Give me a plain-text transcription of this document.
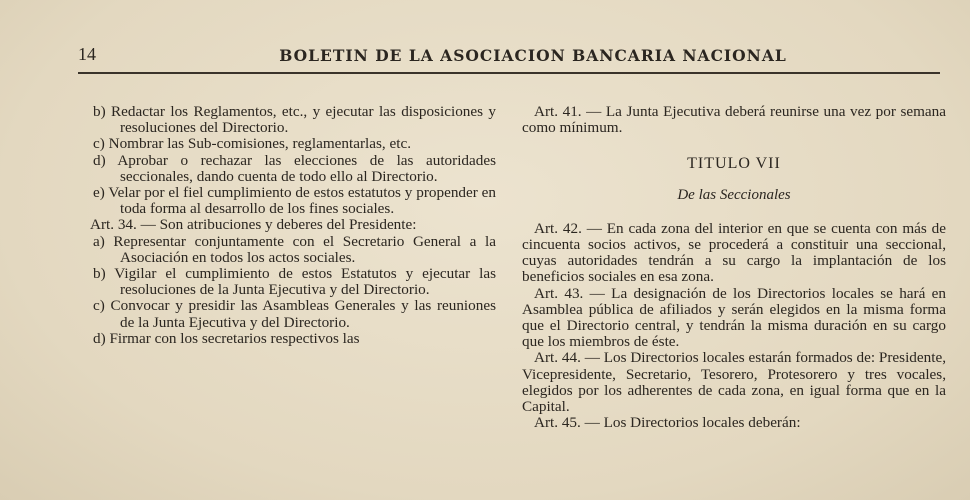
14	BOLETIN DE LA ASOCIACION BANCARIA NACIONAL

b) Redactar los Reglamentos, etc., y ejecutar las disposiciones y resoluciones del Directorio.

c) Nombrar las Sub-comisiones, reglamentarlas, etc.

d) Aprobar o rechazar las elecciones de las autoridades seccionales, dando cuenta de todo ello al Directorio.

e) Velar por el fiel cumplimiento de estos estatutos y propender en toda forma al desarrollo de los fines sociales.

Art. 34. — Son atribuciones y deberes del Presidente:

a) Representar conjuntamente con el Secretario General a la Asociación en todos los actos sociales.

b) Vigilar el cumplimiento de estos Estatutos y ejecutar las resoluciones de la Junta Ejecutiva y del Directorio.

c) Convocar y presidir las Asambleas Generales y las reuniones de la Junta Ejecutiva y del Directorio.

d) Firmar con los secretarios respectivos las

Art. 41. — La Junta Ejecutiva deberá reunirse una vez por semana como mínimum.

TITULO VII

De las Seccionales

Art. 42. — En cada zona del interior en que se cuenta con más de cincuenta socios activos, se procederá a constituir una seccional, cuyas autoridades tendrán a su cargo la implantación de los beneficios sociales en esa zona.

Art. 43. — La designación de los Directorios locales se hará en Asamblea pública de afiliados y serán elegidos en la misma forma que el Directorio central, y tendrán la misma duración en su cargo que los miembros de éste.

Art. 44. — Los Directorios locales estarán formados de: Presidente, Vicepresidente, Secretario, Tesorero, Protesorero y tres vocales, elegidos por los adherentes de cada zona, en igual forma que en la Capital.

Art. 45. — Los Directorios locales deberán:
